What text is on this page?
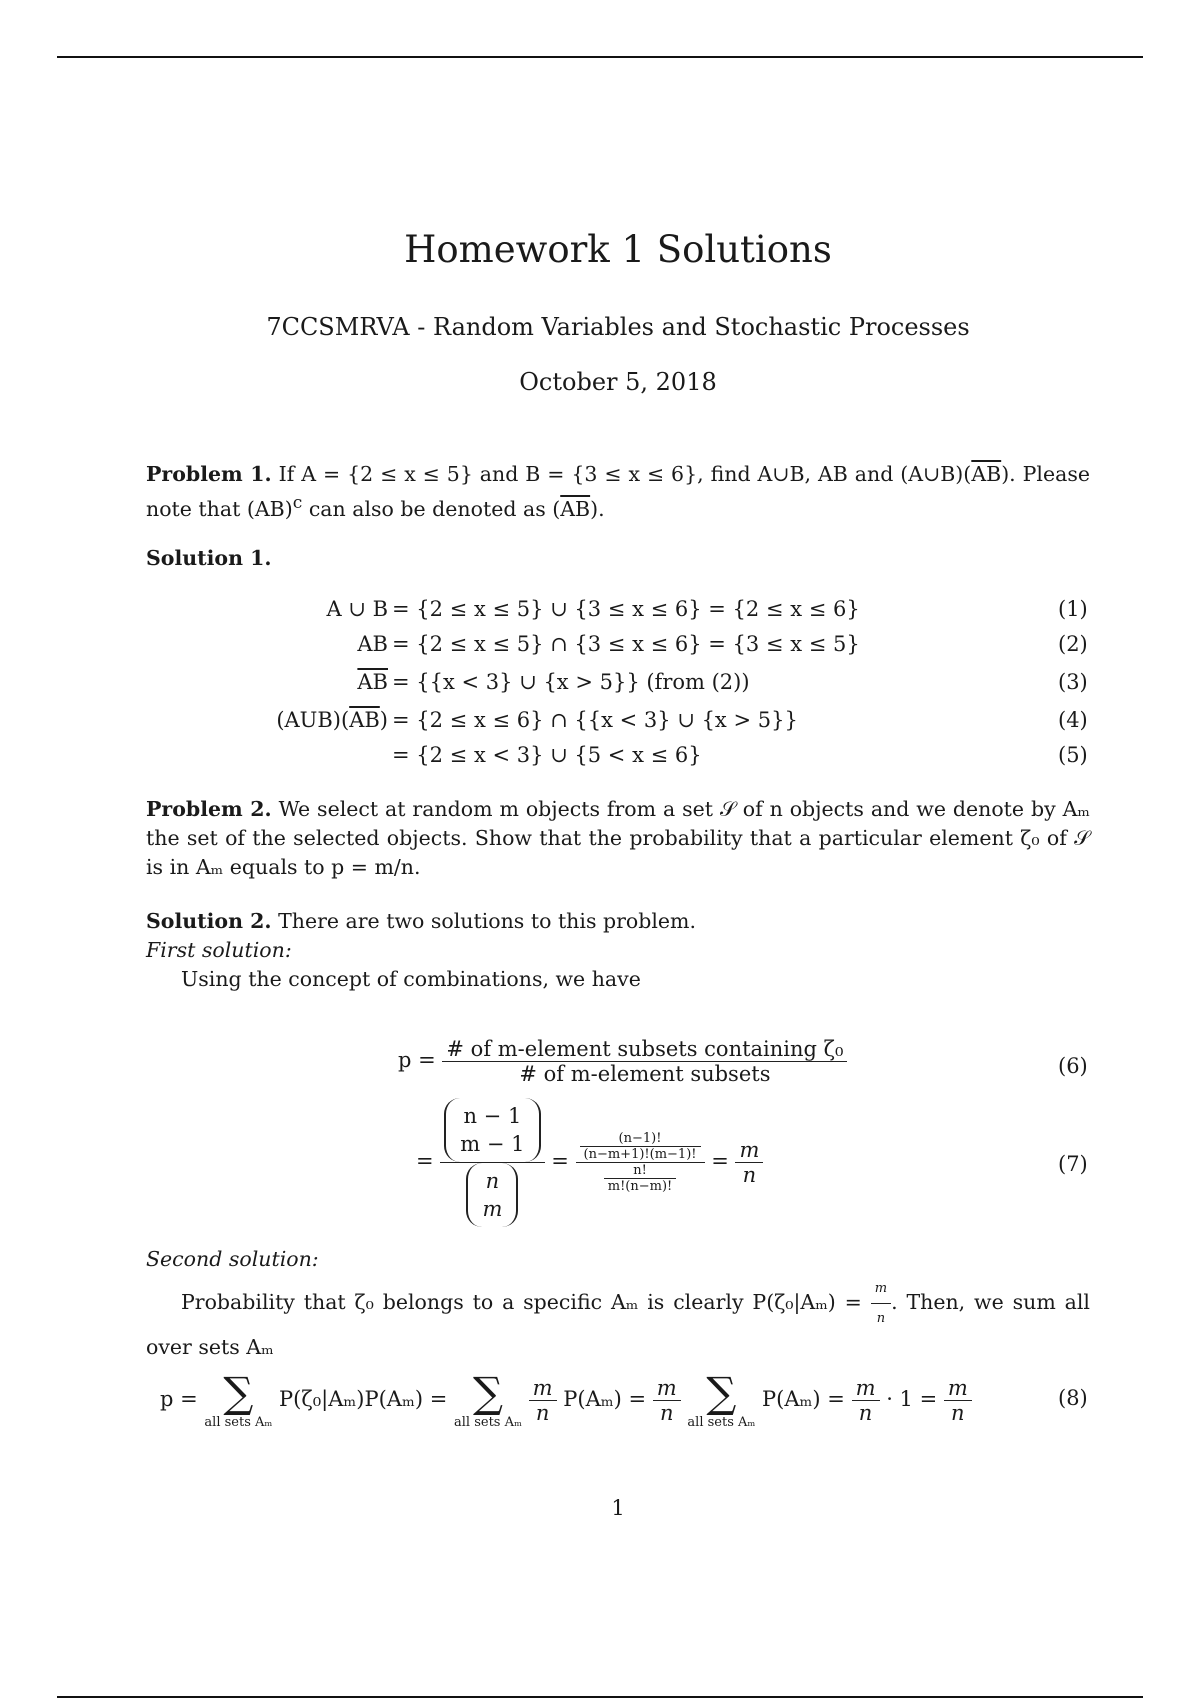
Homework 1 Solutions
7CCSMRVA - Random Variables and Stochastic Processes
October 5, 2018
Problem 1. If A = {2 ≤ x ≤ 5} and B = {3 ≤ x ≤ 6}, find A∪B, AB and $(A\cup B)(\overline{AB})$. Please note that (AB)$^c$ can also be denoted as $(\overline{AB})$.
Solution 1.
A ∪ B = {2 ≤ x ≤ 5} ∪ {3 ≤ x ≤ 6} = {2 ≤ x ≤ 6}	(1)
AB = {2 ≤ x ≤ 5} ∩ {3 ≤ x ≤ 6} = {3 ≤ x ≤ 5}	(2)
$\overline{AB} = \{\{x < 3\}$ ∪ {x > 5}} (from (2))	(3)
$(AUB)(\overline{AB}) = \{2 \le x \le 6\}$ ∩ {{x < 3} ∪ {x > 5}}	(4)
= {2 ≤ x < 3} ∪ {5 < x ≤ 6}	(5)
Problem 2. We select at random m objects from a set 𝒮 of n objects and we denote by Aₘ the set of the selected objects. Show that the probability that a particular element ζ₀ of 𝒮 is in Aₘ equals to p = m/n.
Solution 2. There are two solutions to this problem.
First solution:
Using the concept of combinations, we have
$p = \frac{\text{\# of m-element subsets containing ζ₀}}{\text{\# of m-element subsets}}$	(6)
= n − 1
m − 1
n
$m = \frac{\frac{(n-1)!}{(n-m+1)!(m-1)!}}{\frac{n!}{m!(n-m)!}} = \frac{m}{n}$	(7)
Second solution:
Probability that ζ₀ belongs to a specific Aₘ is clearly $P(\zeta_0|A_m) = \frac{m}{n}$ . Then, we sum all over sets Aₘ
p = ∑
all sets Aₘ
P(ζ₀|Aₘ)P(Aₘ) = ∑
all sets Aₘ
$\frac{m}{n} P(A_m) = \frac{m}{n}$
∑
all sets Aₘ
$P(A_m) = \frac{m}{n} \cdot 1 = \frac{m}{n}$	(8)
1
